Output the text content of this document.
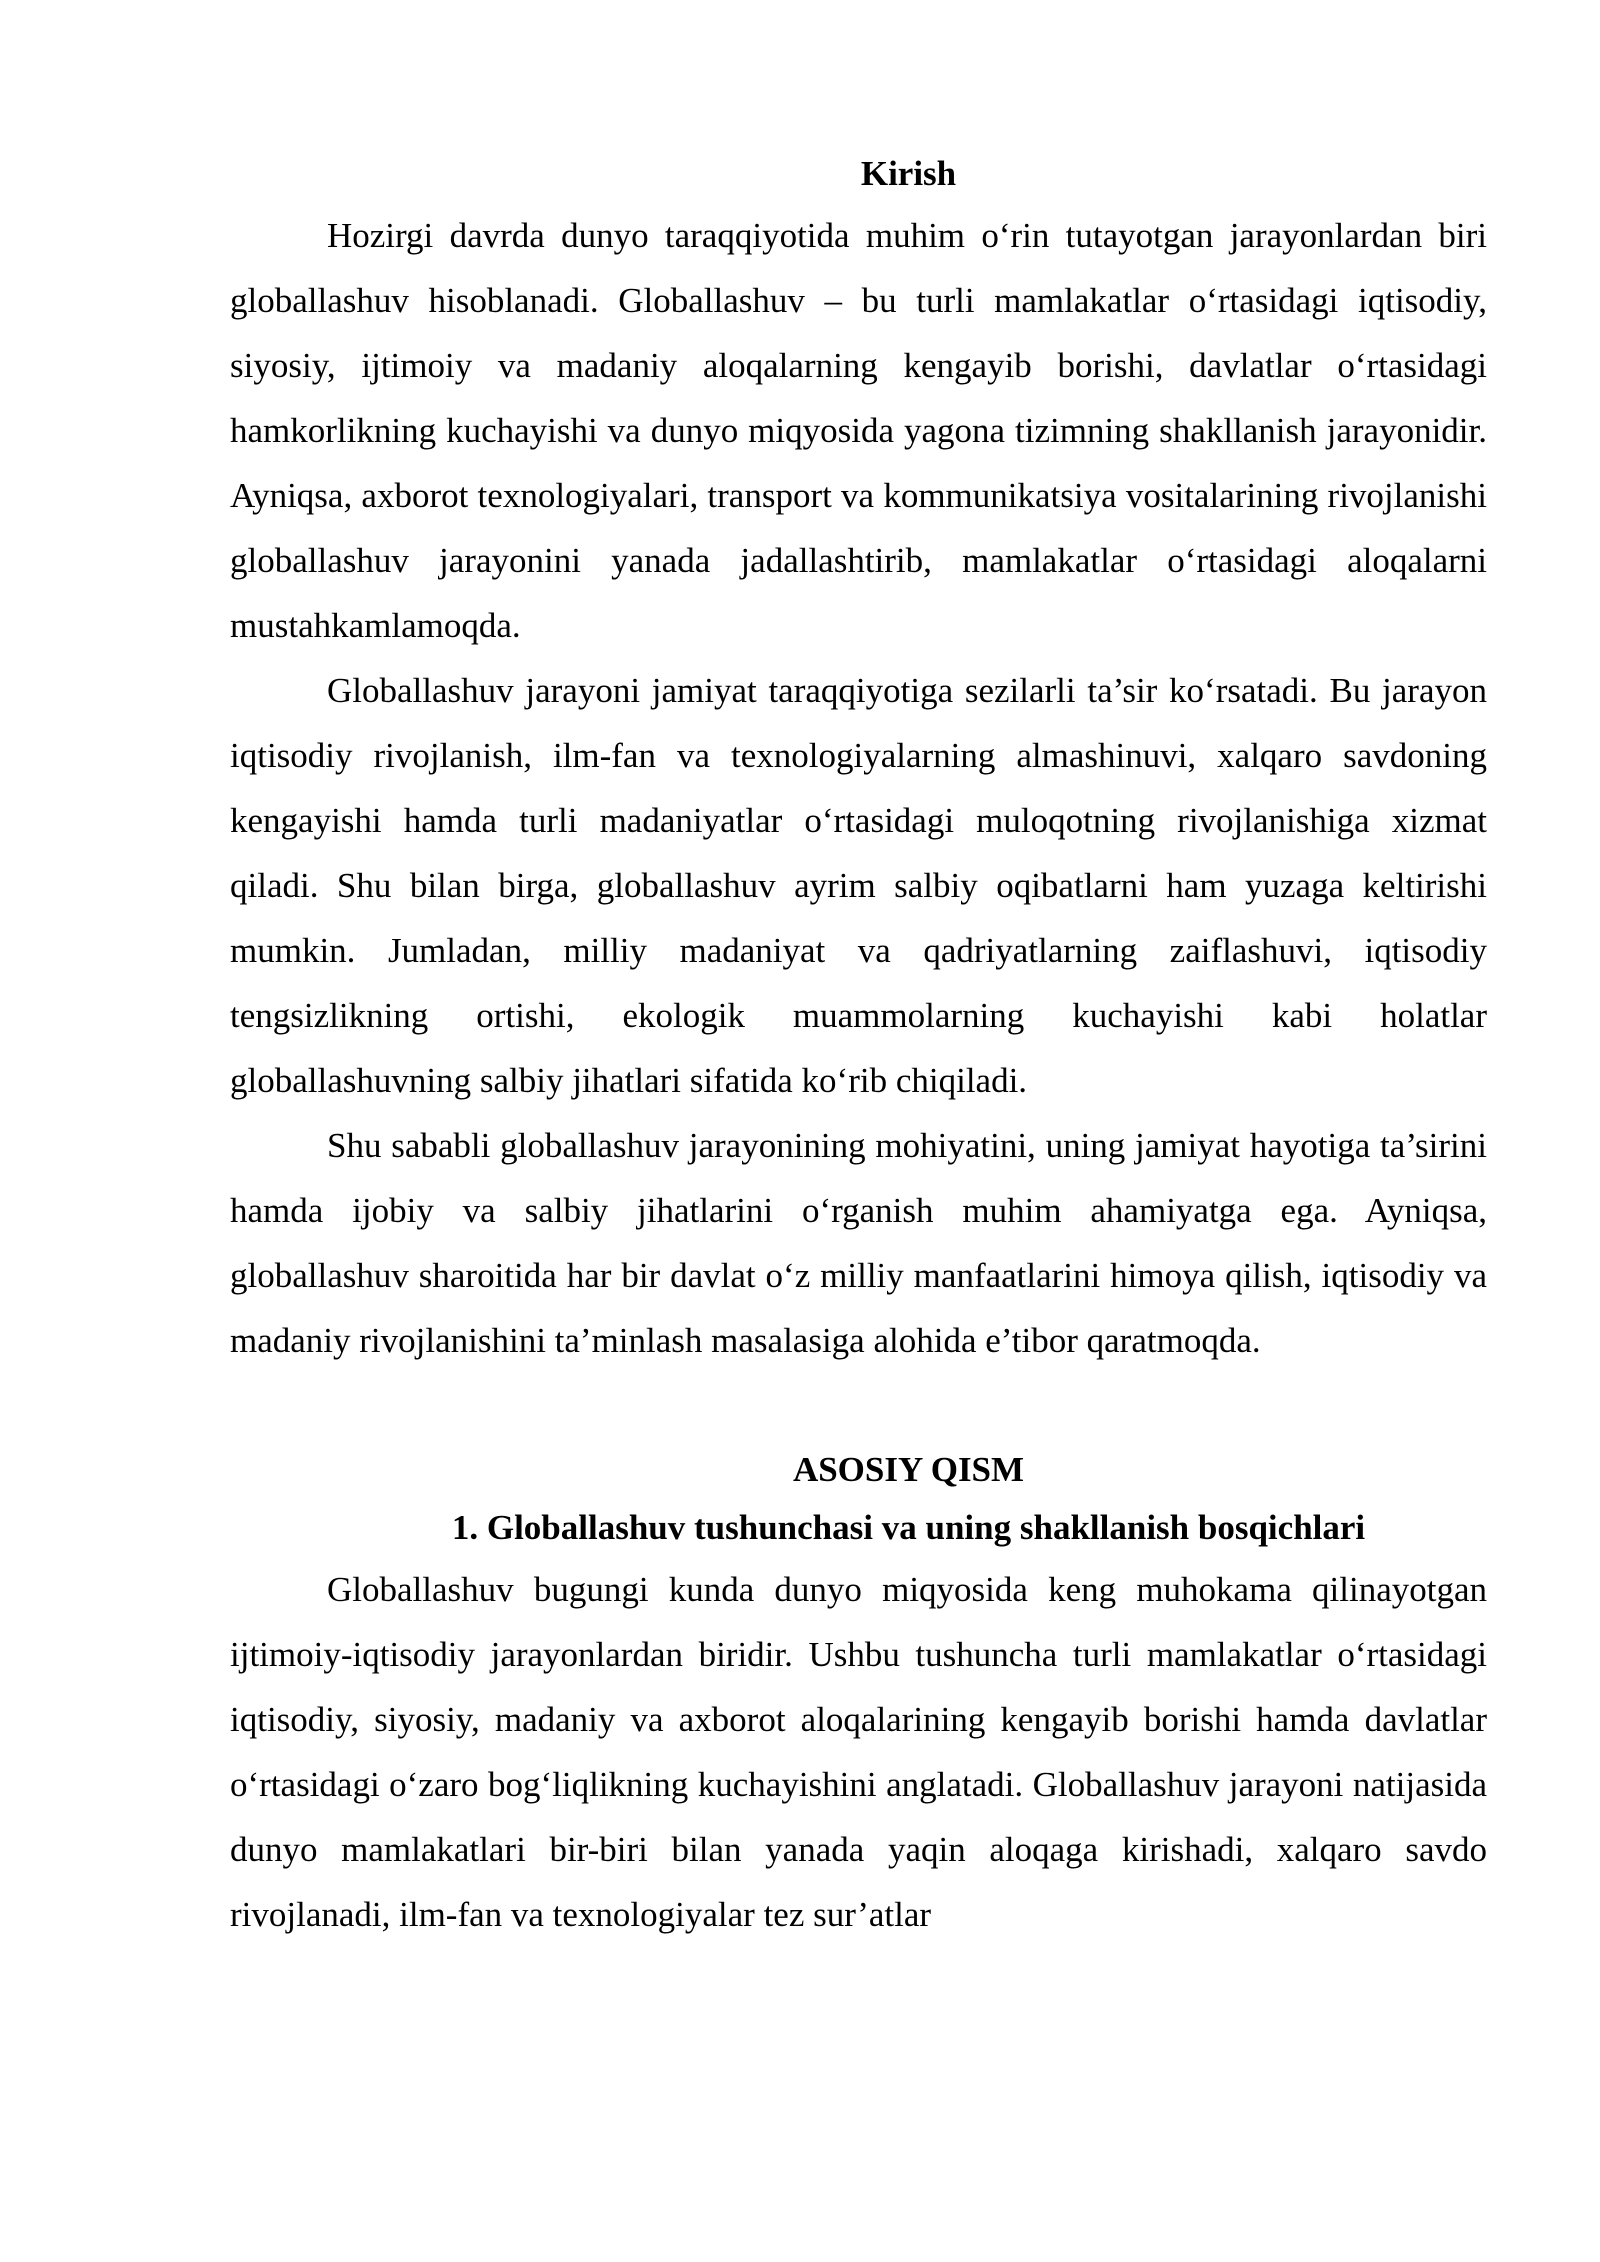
Kirish

Hozirgi davrda dunyo taraqqiyotida muhim o‘rin tutayotgan jarayonlardan biri globallashuv hisoblanadi. Globallashuv – bu turli mamlakatlar o‘rtasidagi iqtisodiy, siyosiy, ijtimoiy va madaniy aloqalarning kengayib borishi, davlatlar o‘rtasidagi hamkorlikning kuchayishi va dunyo miqyosida yagona tizimning shakllanish jarayonidir. Ayniqsa, axborot texnologiyalari, transport va kommunikatsiya vositalarining rivojlanishi globallashuv jarayonini yanada jadallashtirib, mamlakatlar o‘rtasidagi aloqalarni mustahkamlamoqda.

Globallashuv jarayoni jamiyat taraqqiyotiga sezilarli ta’sir ko‘rsatadi. Bu jarayon iqtisodiy rivojlanish, ilm-fan va texnologiyalarning almashinuvi, xalqaro savdoning kengayishi hamda turli madaniyatlar o‘rtasidagi muloqotning rivojlanishiga xizmat qiladi. Shu bilan birga, globallashuv ayrim salbiy oqibatlarni ham yuzaga keltirishi mumkin. Jumladan, milliy madaniyat va qadriyatlarning zaiflashuvi, iqtisodiy tengsizlikning ortishi, ekologik muammolarning kuchayishi kabi holatlar globallashuvning salbiy jihatlari sifatida ko‘rib chiqiladi.

Shu sababli globallashuv jarayonining mohiyatini, uning jamiyat hayotiga ta’sirini hamda ijobiy va salbiy jihatlarini o‘rganish muhim ahamiyatga ega. Ayniqsa, globallashuv sharoitida har bir davlat o‘z milliy manfaatlarini himoya qilish, iqtisodiy va madaniy rivojlanishini ta’minlash masalasiga alohida e’tibor qaratmoqda.

ASOSIY QISM
1. Globallashuv tushunchasi va uning shakllanish bosqichlari

Globallashuv bugungi kunda dunyo miqyosida keng muhokama qilinayotgan ijtimoiy-iqtisodiy jarayonlardan biridir. Ushbu tushuncha turli mamlakatlar o‘rtasidagi iqtisodiy, siyosiy, madaniy va axborot aloqalarining kengayib borishi hamda davlatlar o‘rtasidagi o‘zaro bog‘liqlikning kuchayishini anglatadi. Globallashuv jarayoni natijasida dunyo mamlakatlari bir-biri bilan yanada yaqin aloqaga kirishadi, xalqaro savdo rivojlanadi, ilm-fan va texnologiyalar tez sur’atlar
